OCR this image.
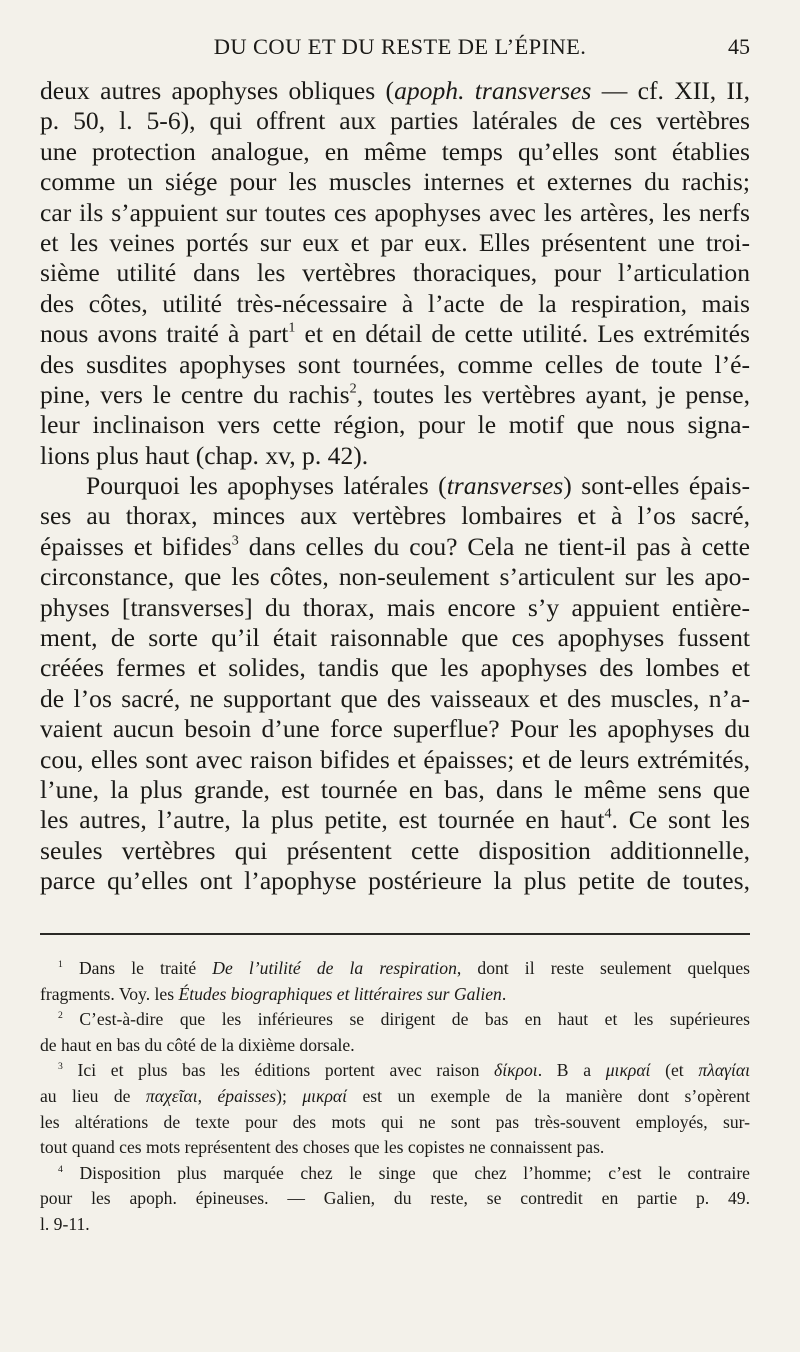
DU COU ET DU RESTE DE L’ÉPINE.	45
deux autres apophyses obliques (apoph. transverses — cf. XII, II,
p. 50, l. 5-6), qui offrent aux parties latérales de ces vertèbres
une protection analogue, en même temps qu’elles sont établies
comme un siége pour les muscles internes et externes du rachis;
car ils s’appuient sur toutes ces apophyses avec les artères, les nerfs
et les veines portés sur eux et par eux. Elles présentent une troi-
sième utilité dans les vertèbres thoraciques, pour l’articulation
des côtes, utilité très-nécessaire à l’acte de la respiration, mais
nous avons traité à part$^1$ et en détail de cette utilité. Les extrémités
des susdites apophyses sont tournées, comme celles de toute l’é-
pine, vers le centre du rachis$^2$, toutes les vertèbres ayant, je pense,
leur inclinaison vers cette région, pour le motif que nous signa-
lions plus haut (chap. xv, p. 42).
Pourquoi les apophyses latérales (transverses) sont-elles épais-
ses au thorax, minces aux vertèbres lombaires et à l’os sacré,
épaisses et bifides$^3$ dans celles du cou? Cela ne tient-il pas à cette
circonstance, que les côtes, non-seulement s’articulent sur les apo-
physes [transverses] du thorax, mais encore s’y appuient entière-
ment, de sorte qu’il était raisonnable que ces apophyses fussent
créées fermes et solides, tandis que les apophyses des lombes et
de l’os sacré, ne supportant que des vaisseaux et des muscles, n’a-
vaient aucun besoin d’une force superflue? Pour les apophyses du
cou, elles sont avec raison bifides et épaisses; et de leurs extrémités,
l’une, la plus grande, est tournée en bas, dans le même sens que
les autres, l’autre, la plus petite, est tournée en haut$^4$. Ce sont les
seules vertèbres qui présentent cette disposition additionnelle,
parce qu’elles ont l’apophyse postérieure la plus petite de toutes,
$^1$ Dans le traité De l’utilité de la respiration, dont il reste seulement quelques
fragments. Voy. les Études biographiques et littéraires sur Galien.
$^2$ C’est-à-dire que les inférieures se dirigent de bas en haut et les supérieures
de haut en bas du côté de la dixième dorsale.
$^3$ Ici et plus bas les éditions portent avec raison δίκροι. B a μικραί (et πλαγίαι
au lieu de παχεῖαι, épaisses); μικραί est un exemple de la manière dont s’opèrent
les altérations de texte pour des mots qui ne sont pas très-souvent employés, sur-
tout quand ces mots représentent des choses que les copistes ne connaissent pas.
$^4$ Disposition plus marquée chez le singe que chez l’homme; c’est le contraire
pour les apoph. épineuses. — Galien, du reste, se contredit en partie p. 49.
l. 9-11.
